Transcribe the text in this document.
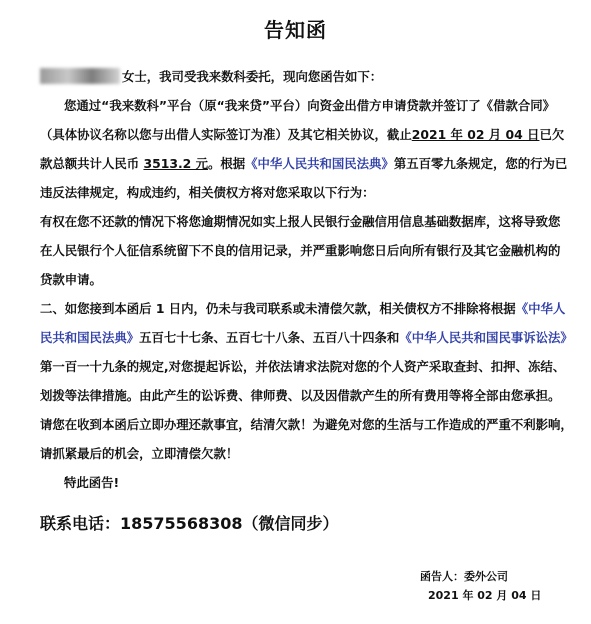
告知函
女士，我司受我来数科委托，现向您函告如下：
您通过“我来数科”平台（原“我来贷”平台）向资金出借方申请贷款并签订了《借款合同》
（具体协议名称以您与出借人实际签订为准）及其它相关协议，截止2021 年 02 月 04 日已欠
款总额共计人民币 3513.2 元。根据《中华人民共和国民法典》第五百零九条规定，您的行为已
违反法律规定，构成违约，相关债权方将对您采取以下行为：
有权在您不还款的情况下将您逾期情况如实上报人民银行金融信用信息基础数据库，这将导致您
在人民银行个人征信系统留下不良的信用记录，并严重影响您日后向所有银行及其它金融机构的
贷款申请。
二、如您接到本函后 1 日内，仍未与我司联系或未清偿欠款，相关债权方不排除将根据《中华人
民共和国民法典》五百七十七条、五百七十八条、五百八十四条和《中华人民共和国民事诉讼法》
第一百一十九条的规定,对您提起诉讼，并依法请求法院对您的个人资产采取查封、扣押、冻结、
划拨等法律措施。由此产生的讼诉费、律师费、以及因借款产生的所有费用等将全部由您承担。
请您在收到本函后立即办理还款事宜，结清欠款！为避免对您的生活与工作造成的严重不利影响，
请抓紧最后的机会，立即清偿欠款！
特此函告!
联系电话：18575568308（微信同步）
函告人：委外公司
2021 年 02 月 04 日
